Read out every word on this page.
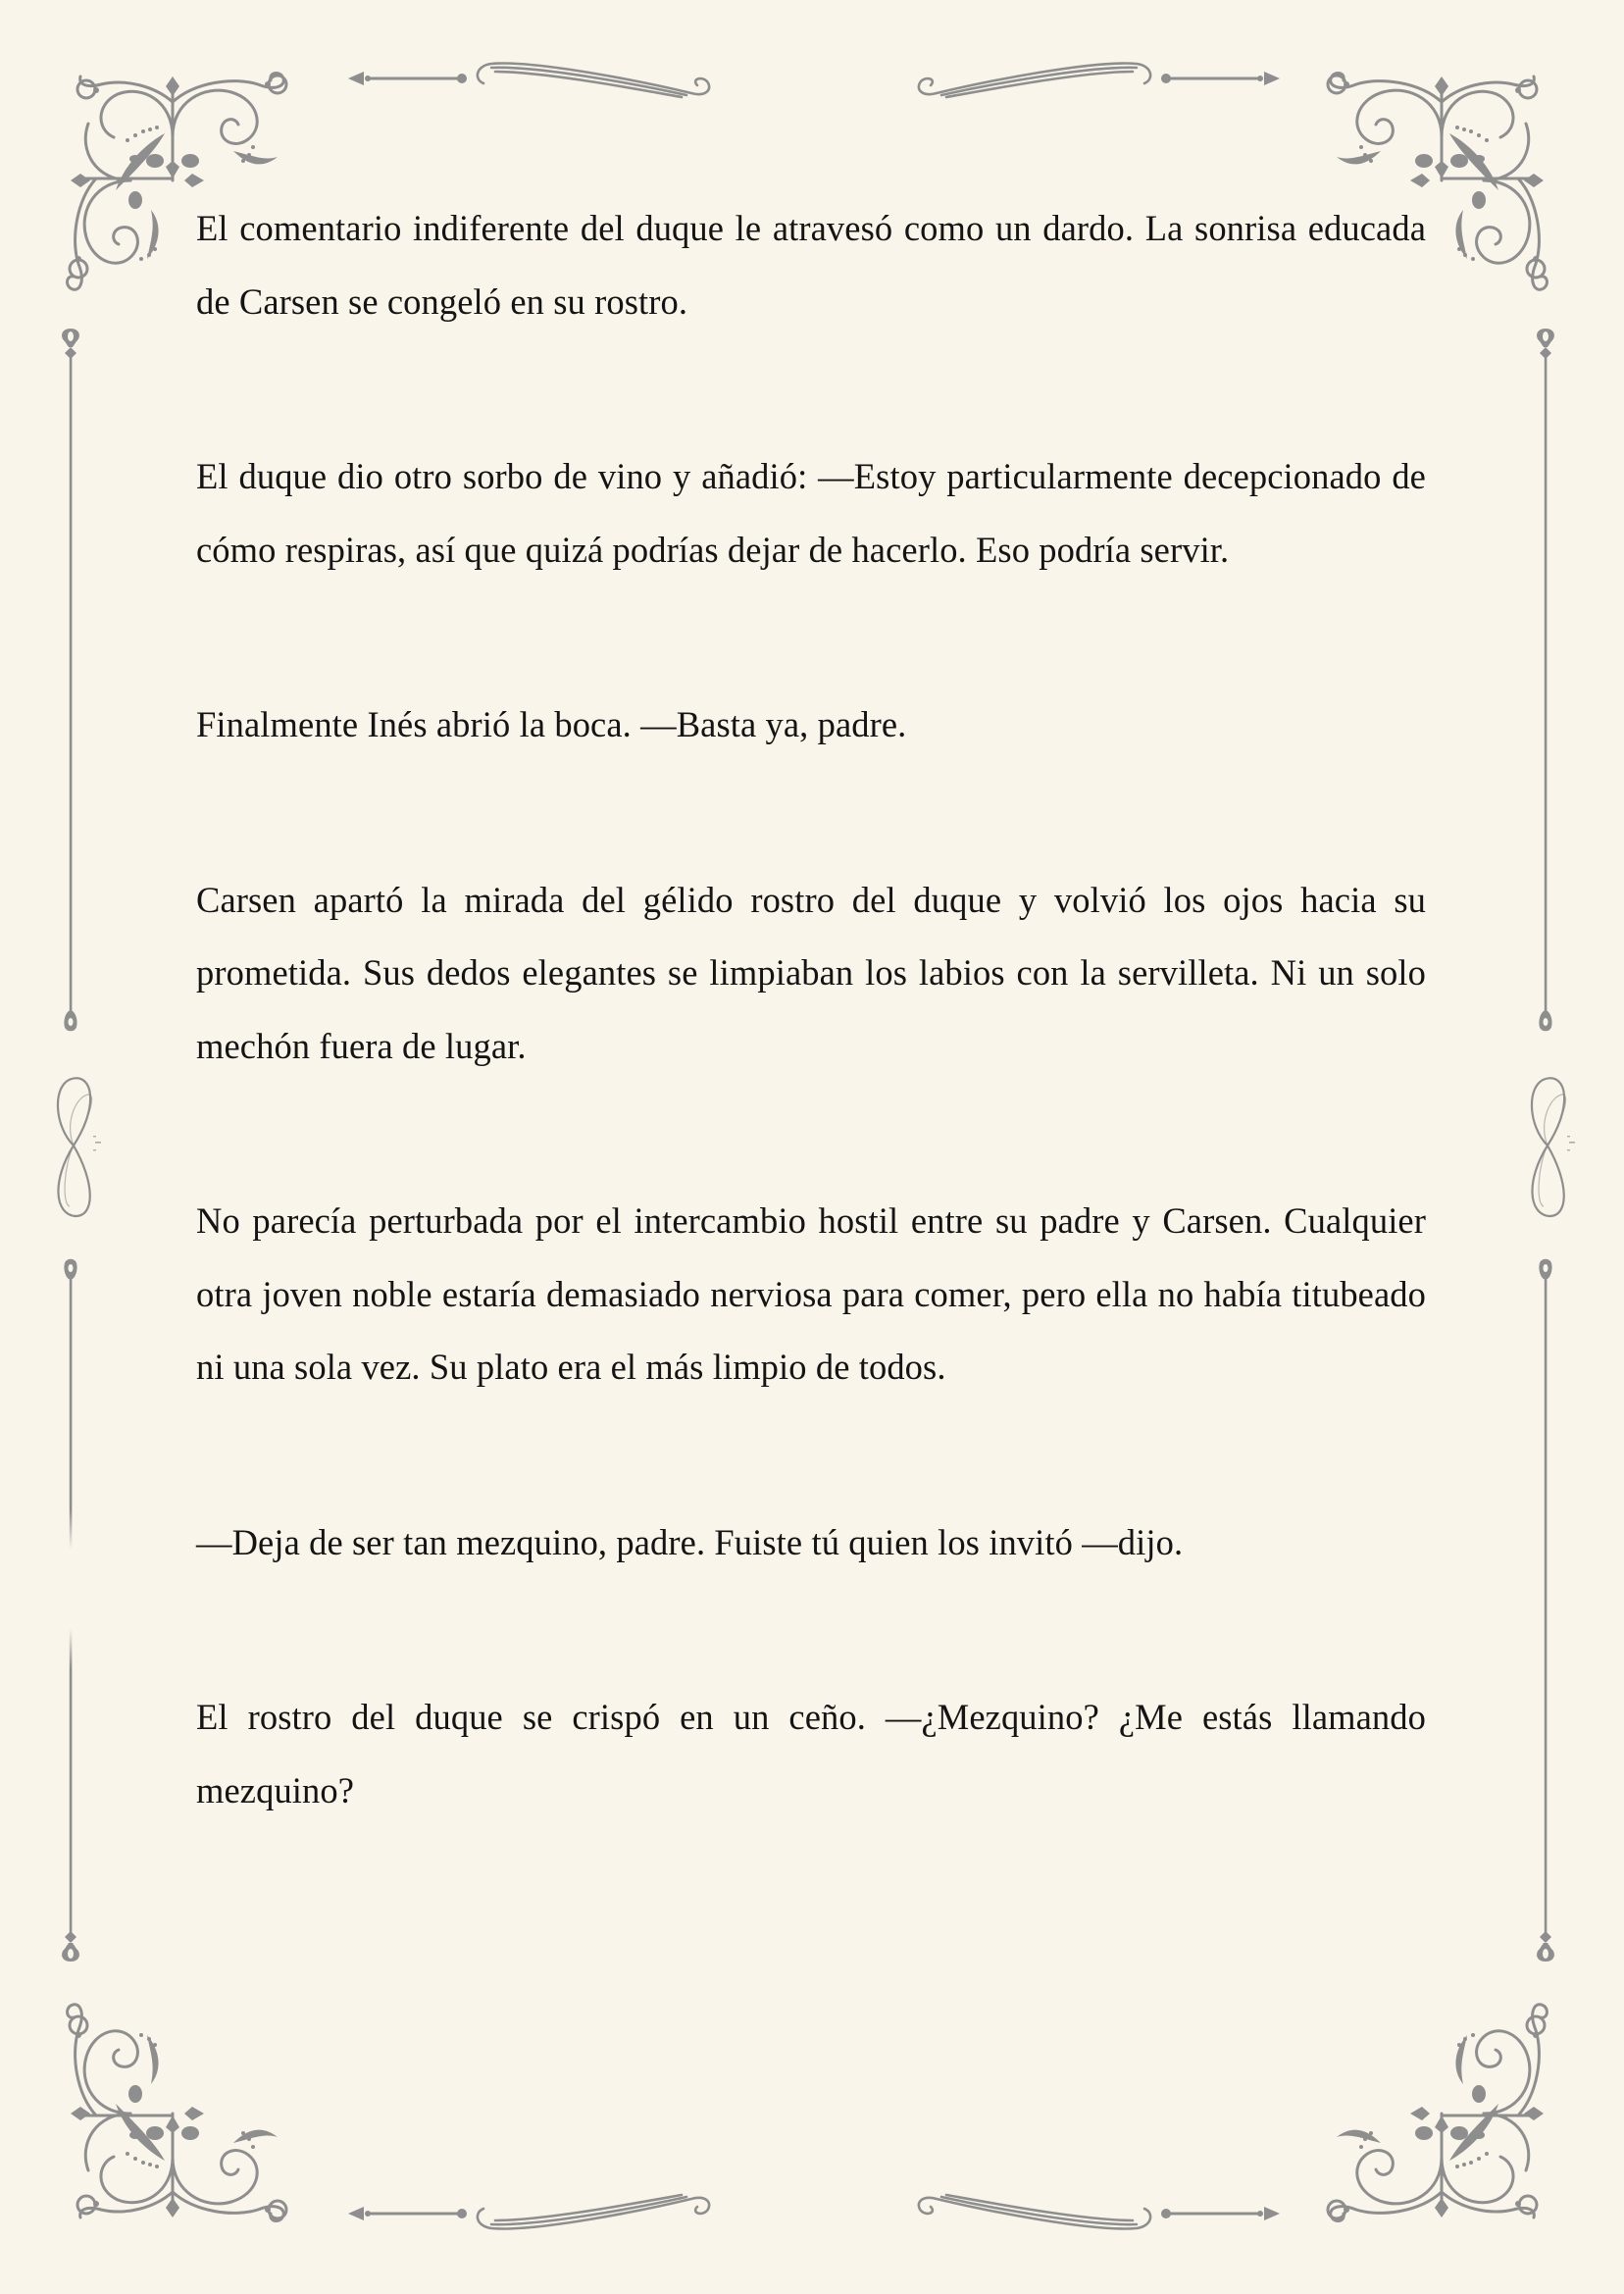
El comentario indiferente del duque le atravesó como un dardo. La sonrisa educada de Carsen se congeló en su rostro.

El duque dio otro sorbo de vino y añadió: —Estoy particularmente decepcionado de cómo respiras, así que quizá podrías dejar de hacerlo. Eso podría servir.

Finalmente Inés abrió la boca. —Basta ya, padre.

Carsen apartó la mirada del gélido rostro del duque y volvió los ojos hacia su prometida. Sus dedos elegantes se limpiaban los labios con la servilleta. Ni un solo mechón fuera de lugar.

No parecía perturbada por el intercambio hostil entre su padre y Carsen. Cualquier otra joven noble estaría demasiado nerviosa para comer, pero ella no había titubeado ni una sola vez. Su plato era el más limpio de todos.

—Deja de ser tan mezquino, padre. Fuiste tú quien los invitó —dijo.

El rostro del duque se crispó en un ceño. —¿Mezquino? ¿Me estás llamando mezquino?
